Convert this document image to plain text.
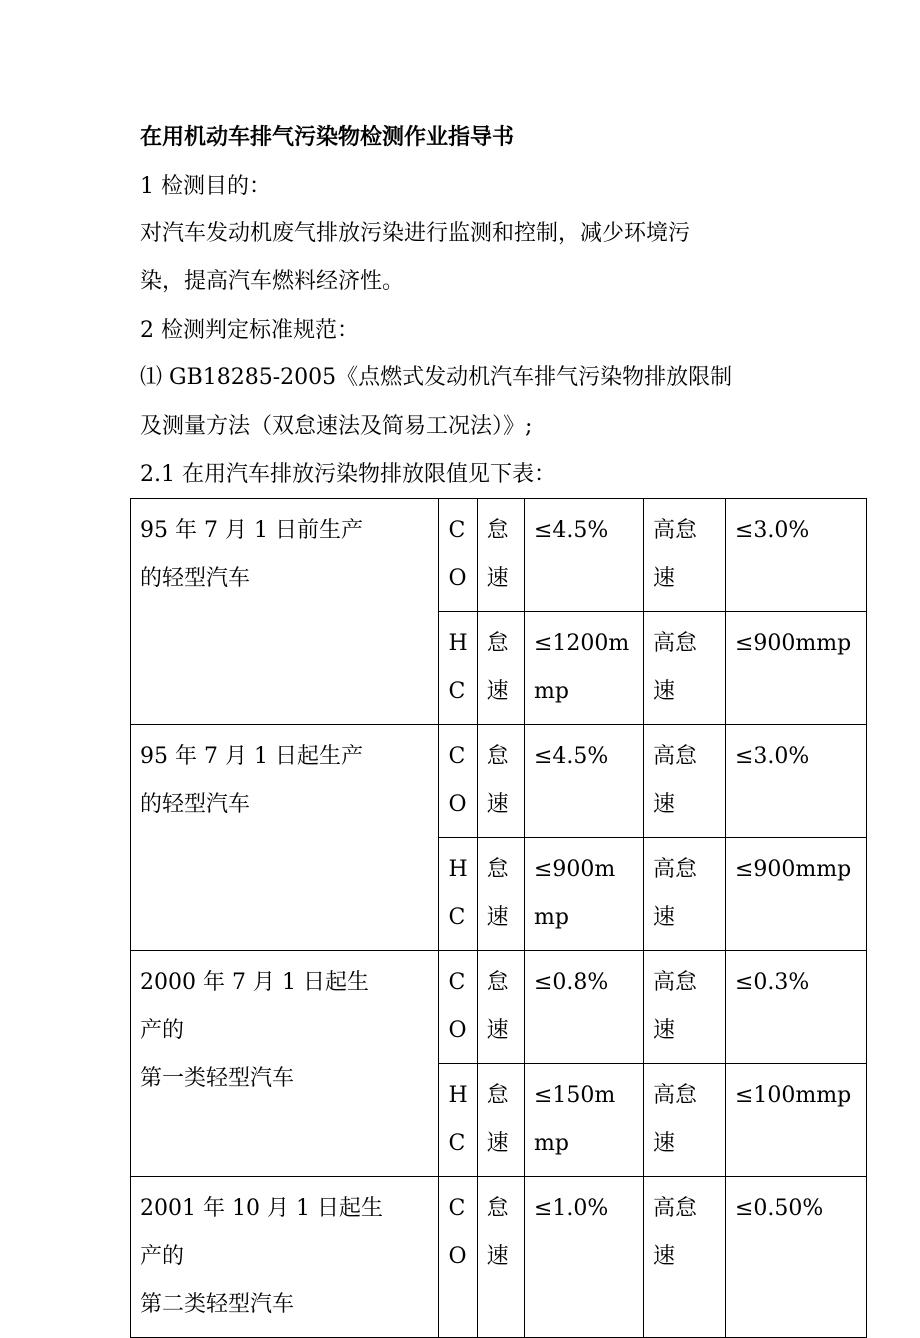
在用机动车排气污染物检测作业指导书
1 检测目的：
对汽车发动机废气排放污染进行监测和控制，减少环境污
染，提高汽车燃料经济性。
2 检测判定标准规范：
⑴ GB18285-2005《点燃式发动机汽车排气污染物排放限制
及测量方法（双怠速法及简易工况法）》;
2.1 在用汽车排放污染物排放限值见下表：
95 年 7 月 1 日前生产
的轻型汽车	CO	怠速	≤4.5%	高怠速	≤3.0%
	HC	怠速	≤1200mmp	高怠速	≤900mmp

95 年 7 月 1 日起生产
的轻型汽车	CO	怠速	≤4.5%	高怠速	≤3.0%
	HC	怠速	≤900mmp	高怠速	≤900mmp

2000 年 7 月 1 日起生
产的
第一类轻型汽车	CO	怠速	≤0.8%	高怠速	≤0.3%
	HC	怠速	≤150mmp	高怠速	≤100mmp

2001 年 10 月 1 日起生
产的
第二类轻型汽车	CO	怠速	≤1.0%	高怠速	≤0.50%
